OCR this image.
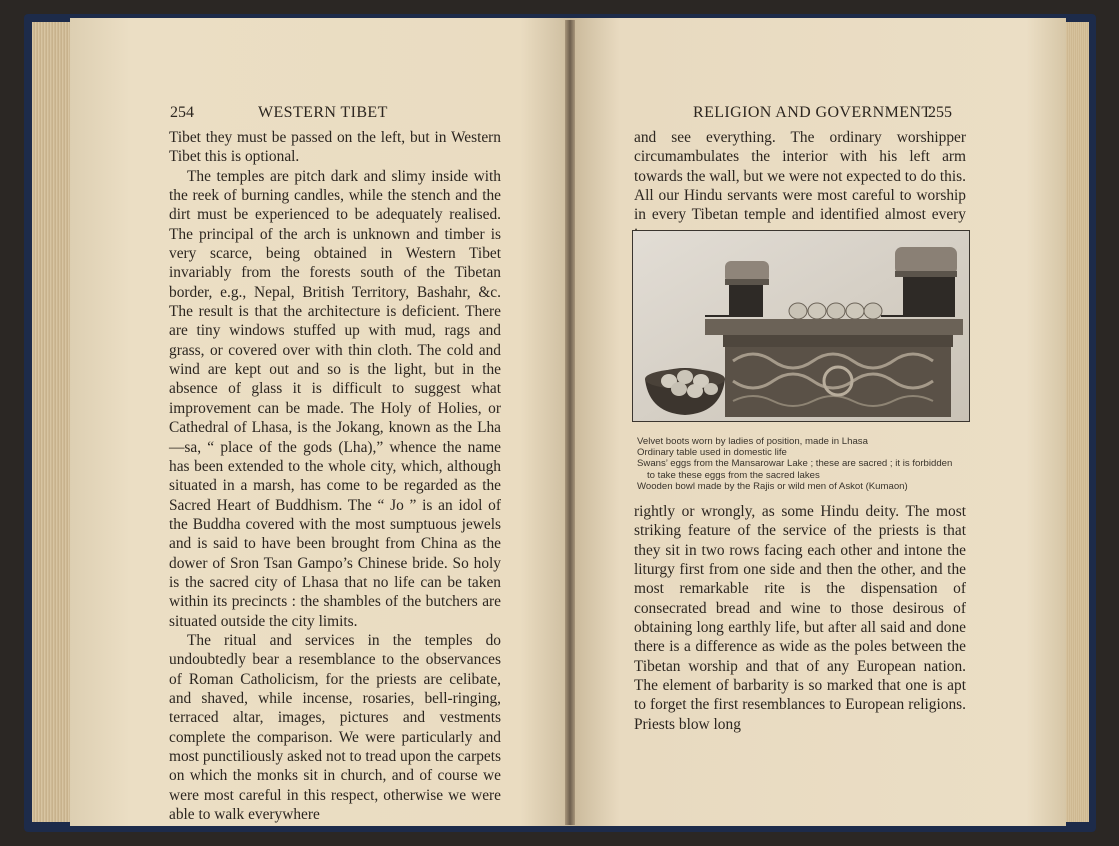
254	WESTERN TIBET

Tibet they must be passed on the left, but in Western Tibet this is optional.

The temples are pitch dark and slimy inside with the reek of burning candles, while the stench and the dirt must be experienced to be adequately realised. The principal of the arch is unknown and timber is very scarce, being obtained in Western Tibet invariably from the forests south of the Tibetan border, e.g., Nepal, British Territory, Bashahr, &c. The result is that the architecture is deficient. There are tiny windows stuffed up with mud, rags and grass, or covered over with thin cloth. The cold and wind are kept out and so is the light, but in the absence of glass it is difficult to suggest what improvement can be made. The Holy of Holies, or Cathedral of Lhasa, is the Jokang, known as the Lha—sa, “ place of the gods (Lha),” whence the name has been extended to the whole city, which, although situated in a marsh, has come to be regarded as the Sacred Heart of Buddhism. The “ Jo ” is an idol of the Buddha covered with the most sumptuous jewels and is said to have been brought from China as the dower of Sron Tsan Gampo’s Chinese bride. So holy is the sacred city of Lhasa that no life can be taken within its precincts : the shambles of the butchers are situated outside the city limits.

The ritual and services in the temples do undoubtedly bear a resemblance to the observances of Roman Catholicism, for the priests are celibate, and shaved, while incense, rosaries, bell-ringing, terraced altar, images, pictures and vestments complete the comparison. We were particularly and most punctiliously asked not to tread upon the carpets on which the monks sit in church, and of course we were most careful in this respect, otherwise we were able to walk everywhere

RELIGION AND GOVERNMENT
255

and see everything. The ordinary worshipper circumambulates the interior with his left arm towards the wall, but we were not expected to do this. All our Hindu servants were most careful to worship in every Tibetan temple and identified almost every

Velvet boots worn by ladies of position, made in Lhasa
Ordinary table used in domestic life
Swans’ eggs from the Mansarowar Lake ; these are sacred ; it is forbidden
to take these eggs from the sacred lakes
Wooden bowl made by the Rajis or wild men of Askot (Kumaon)

rightly or wrongly, as some Hindu deity. The most striking feature of the service of the priests is that they sit in two rows facing each other and intone the liturgy first from one side and then the other, and the most remarkable rite is the dispensation of consecrated bread and wine to those desirous of obtaining long earthly life, but after all said and done there is a difference as wide as the poles between the Tibetan worship and that of any European nation. The element of barbarity is so marked that one is apt to forget the first resemblances to European religions. Priests blow long
